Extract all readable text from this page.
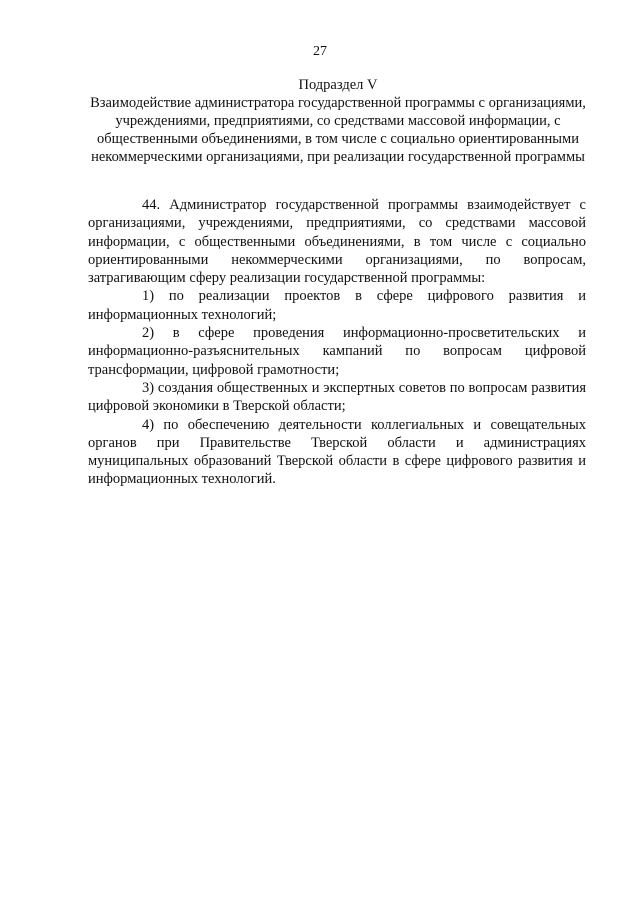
27
Подраздел V
Взаимодействие администратора государственной программы с организациями, учреждениями, предприятиями, со средствами массовой информации, с общественными объединениями, в том числе с социально ориентированными некоммерческими организациями, при реализации государственной программы

44. Администратор государственной программы взаимодействует с организациями, учреждениями, предприятиями, со средствами массовой информации, с общественными объединениями, в том числе с социально ориентированными некоммерческими организациями, по вопросам, затрагивающим сферу реализации государственной программы:

1) по реализации проектов в сфере цифрового развития и информационных технологий;

2) в сфере проведения информационно-просветительских и информационно-разъяснительных кампаний по вопросам цифровой трансформации, цифровой грамотности;

3) создания общественных и экспертных советов по вопросам развития цифровой экономики в Тверской области;

4) по обеспечению деятельности коллегиальных и совещательных органов при Правительстве Тверской области и администрациях муниципальных образований Тверской области в сфере цифрового развития и информационных технологий.
